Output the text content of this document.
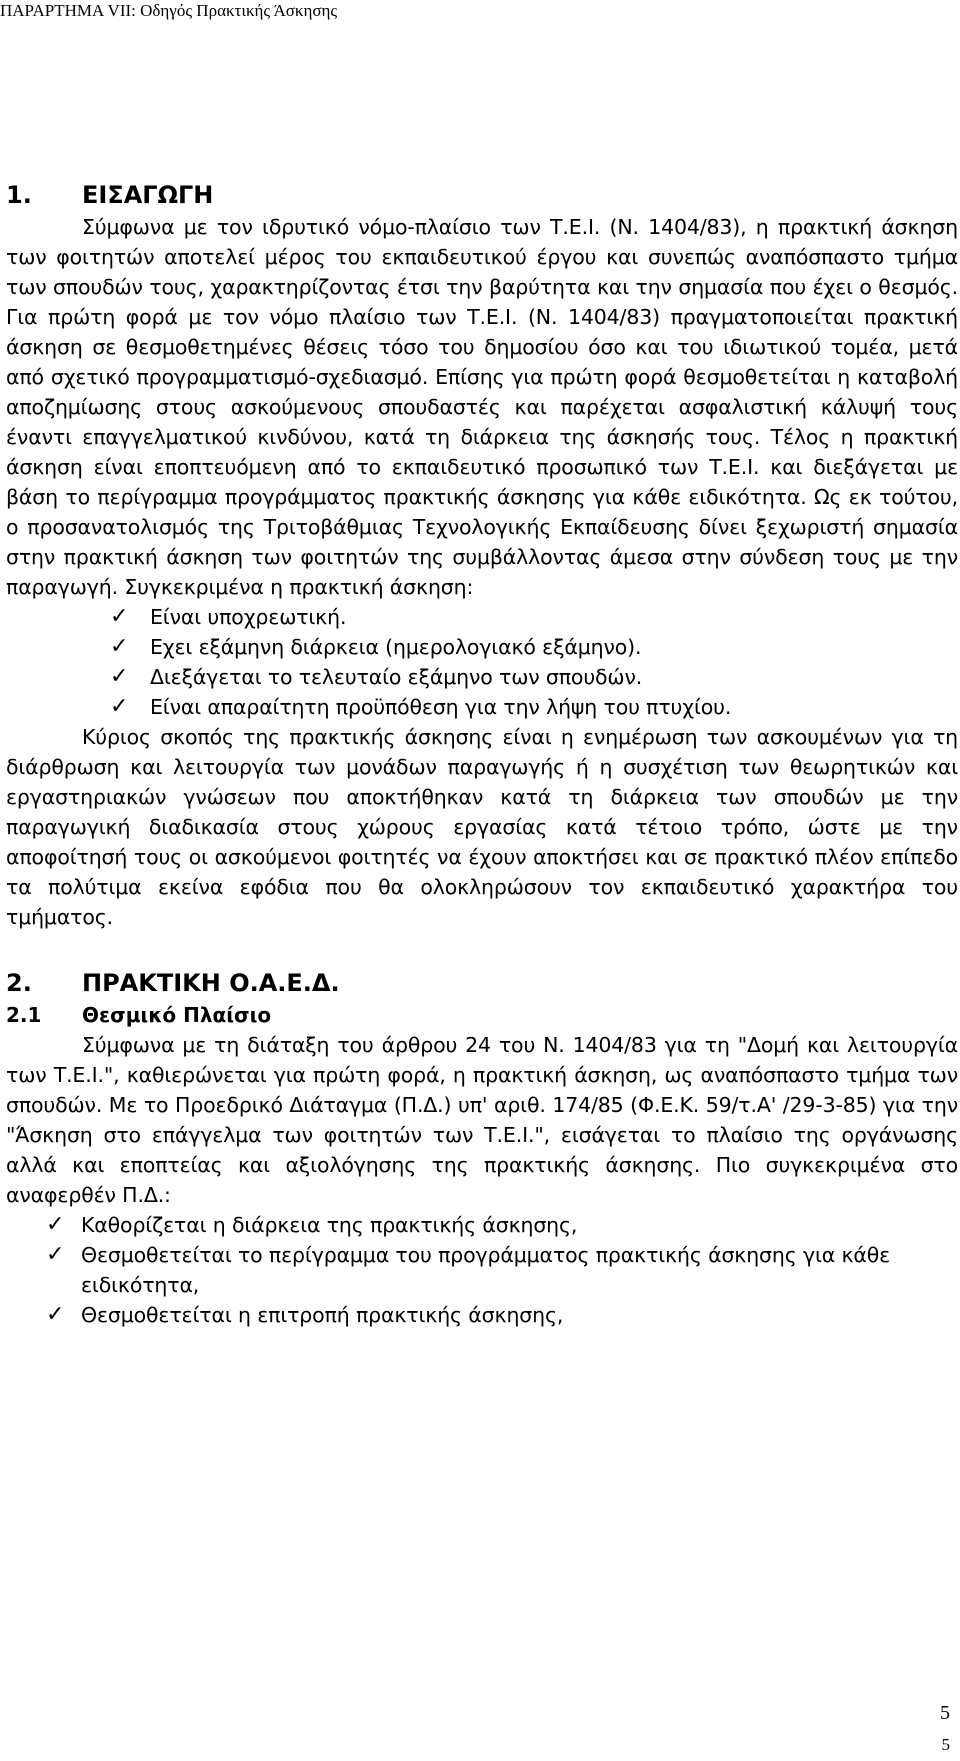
ΠΑΡΑΡΤΗΜΑ VII: Οδηγός Πρακτικής Άσκησης
1.	ΕΙΣΑΓΩΓΗ

Σύμφωνα με τον ιδρυτικό νόμο-πλαίσιο των Τ.Ε.Ι. (Ν. 1404/83), η πρακτική άσκηση των φοιτητών αποτελεί μέρος του εκπαιδευτικού έργου και συνεπώς αναπόσπαστο τμήμα των σπουδών τους, χαρακτηρίζοντας έτσι την βαρύτητα και την σημασία που έχει ο θεσμός. Για πρώτη φορά με τον νόμο πλαίσιο των Τ.Ε.Ι. (Ν. 1404/83) πραγματοποιείται πρακτική άσκηση σε θεσμοθετημένες θέσεις τόσο του δημοσίου όσο και του ιδιωτικού τομέα, μετά από σχετικό προγραμματισμό-σχεδιασμό. Επίσης για πρώτη φορά θεσμοθετείται η καταβολή αποζημίωσης στους ασκούμενους σπουδαστές και παρέχεται ασφαλιστική κάλυψή τους έναντι επαγγελματικού κινδύνου, κατά τη διάρκεια της άσκησής τους. Τέλος η πρακτική άσκηση είναι εποπτευόμενη από το εκπαιδευτικό προσωπικό των Τ.Ε.Ι. και διεξάγεται με βάση το περίγραμμα προγράμματος πρακτικής άσκησης για κάθε ειδικότητα. Ως εκ τούτου, ο προσανατολισμός της Τριτοβάθμιας Τεχνολογικής Εκπαίδευσης δίνει ξεχωριστή σημασία στην πρακτική άσκηση των φοιτητών της συμβάλλοντας άμεσα στην σύνδεση τους με την παραγωγή. Συγκεκριμένα η πρακτική άσκηση:

✓ Είναι υποχρεωτική.
✓ Εχει εξάμηνη διάρκεια (ημερολογιακό εξάμηνο).
✓ Διεξάγεται το τελευταίο εξάμηνο των σπουδών.
✓ Είναι απαραίτητη προϋπόθεση για την λήψη του πτυχίου.

Κύριος σκοπός της πρακτικής άσκησης είναι η ενημέρωση των ασκουμένων για τη διάρθρωση και λειτουργία των μονάδων παραγωγής ή η συσχέτιση των θεωρητικών και εργαστηριακών γνώσεων που αποκτήθηκαν κατά τη διάρκεια των σπουδών με την παραγωγική διαδικασία στους χώρους εργασίας κατά τέτοιο τρόπο, ώστε με την αποφοίτησή τους οι ασκούμενοι φοιτητές να έχουν αποκτήσει και σε πρακτικό πλέον επίπεδο τα πολύτιμα εκείνα εφόδια που θα ολοκληρώσουν τον εκπαιδευτικό χαρακτήρα του τμήματος.

2.	ΠΡΑΚΤΙΚΗ Ο.Α.Ε.Δ.
2.1	Θεσμικό Πλαίσιο

Σύμφωνα με τη διάταξη του άρθρου 24 του Ν. 1404/83 για τη "Δομή και λειτουργία των Τ.Ε.Ι.", καθιερώνεται για πρώτη φορά, η πρακτική άσκηση, ως αναπόσπαστο τμήμα των σπουδών. Με το Προεδρικό Διάταγμα (Π.Δ.) υπ' αριθ. 174/85 (Φ.Ε.Κ. 59/τ.Α' /29-3-85) για την "Άσκηση στο επάγγελμα των φοιτητών των Τ.Ε.Ι.", εισάγεται το πλαίσιο της οργάνωσης αλλά και εποπτείας και αξιολόγησης της πρακτικής άσκησης. Πιο συγκεκριμένα στο αναφερθέν Π.Δ.:

✓ Καθορίζεται η διάρκεια της πρακτικής άσκησης,
✓ Θεσμοθετείται το περίγραμμα του προγράμματος πρακτικής άσκησης για κάθε ειδικότητα,
✓ Θεσμοθετείται η επιτροπή πρακτικής άσκησης,
5
5
